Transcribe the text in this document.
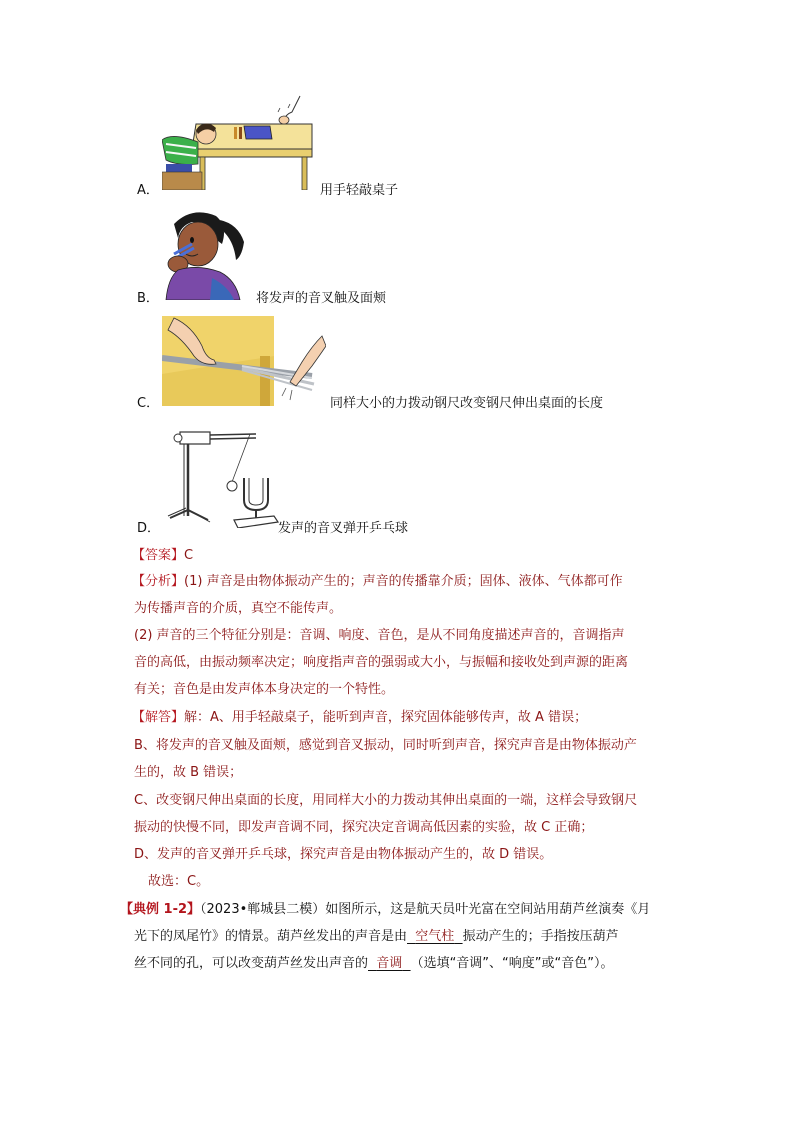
A．	用手轻敲桌子
B．	将发声的音叉触及面颊
C．	同样大小的力拨动钢尺改变钢尺伸出桌面的长度
D．	发声的音叉弹开乒乓球
【答案】C
【分析】(1) 声音是由物体振动产生的；声音的传播靠介质；固体、液体、气体都可作
为传播声音的介质，真空不能传声。
(2) 声音的三个特征分别是：音调、响度、音色，是从不同角度描述声音的，音调指声
音的高低，由振动频率决定；响度指声音的强弱或大小，与振幅和接收处到声源的距离
有关；音色是由发声体本身决定的一个特性。
【解答】解：A、用手轻敲桌子，能听到声音，探究固体能够传声，故 A 错误；
B、将发声的音叉触及面颊，感觉到音叉振动，同时听到声音，探究声音是由物体振动产
生的，故 B 错误；
C、改变钢尺伸出桌面的长度，用同样大小的力拨动其伸出桌面的一端，这样会导致钢尺
振动的快慢不同，即发声音调不同，探究决定音调高低因素的实验，故 C 正确；
D、发声的音叉弹开乒乓球，探究声音是由物体振动产生的，故 D 错误。
故选：C。
【典例 1-2】（2023•郸城县二模）如图所示，这是航天员叶光富在空间站用葫芦丝演奏《月
光下的凤尾竹》的情景。葫芦丝发出的声音是由 空气柱 振动产生的；手指按压葫芦
丝不同的孔，可以改变葫芦丝发出声音的 音调 （选填“音调”、“响度”或“音色”）。
